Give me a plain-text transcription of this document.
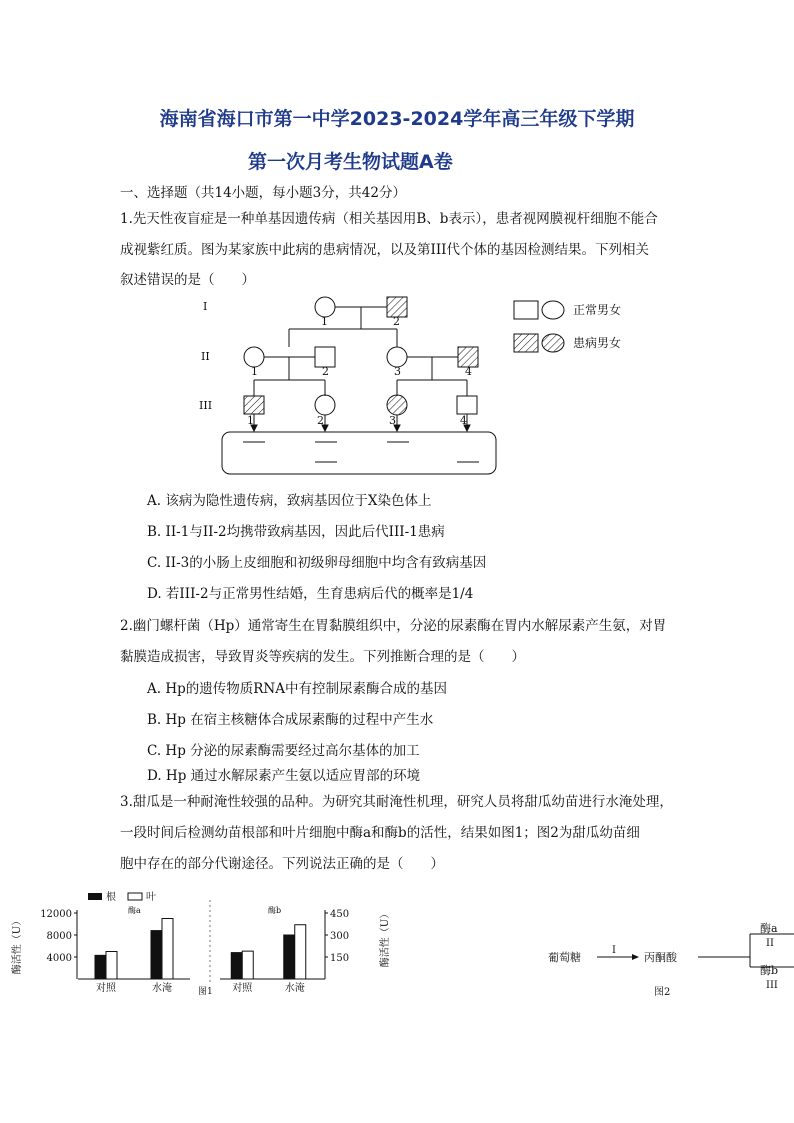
海南省海口市第一中学2023-2024学年高三年级下学期
第一次月考生物试题A卷
一、选择题（共14小题，每小题3分，共42分）
1.先天性夜盲症是一种单基因遗传病（相关基因用B、b表示），患者视网膜视杆细胞不能合
成视紫红质。图为某家族中此病的患病情况，以及第III代个体的基因检测结果。下列相关
叙述错误的是（　　）
I
II
III
1	2
1	2	3	4
1	2	3	4
正常男女
患病男女
A. 该病为隐性遗传病，致病基因位于X染色体上
B. II-1与II-2均携带致病基因，因此后代III-1患病
C. II-3的小肠上皮细胞和初级卵母细胞中均含有致病基因
D. 若III-2与正常男性结婚，生育患病后代的概率是1/4
2.幽门螺杆菌（Hp）通常寄生在胃黏膜组织中，分泌的尿素酶在胃内水解尿素产生氨，对胃
黏膜造成损害，导致胃炎等疾病的发生。下列推断合理的是（　　）
A. Hp的遗传物质RNA中有控制尿素酶合成的基因
B. Hp 在宿主核糖体合成尿素酶的过程中产生水
C. Hp 分泌的尿素酶需要经过高尔基体的加工
D. Hp 通过水解尿素产生氨以适应胃部的环境
3.甜瓜是一种耐淹性较强的品种。为研究其耐淹性机理，研究人员将甜瓜幼苗进行水淹处理，
一段时间后检测幼苗根部和叶片细胞中酶a和酶b的活性，结果如图1；图2为甜瓜幼苗细
胞中存在的部分代谢途径。下列说法正确的是（　　）
根	叶
酶活性（U）	酶活性（U）
图1
4000
8000
12000	酶a
对照	水淹
150
300
450
酶b
对照	水淹
葡萄糖
I
丙酮酸
酶a
II
酶b
III
图2
